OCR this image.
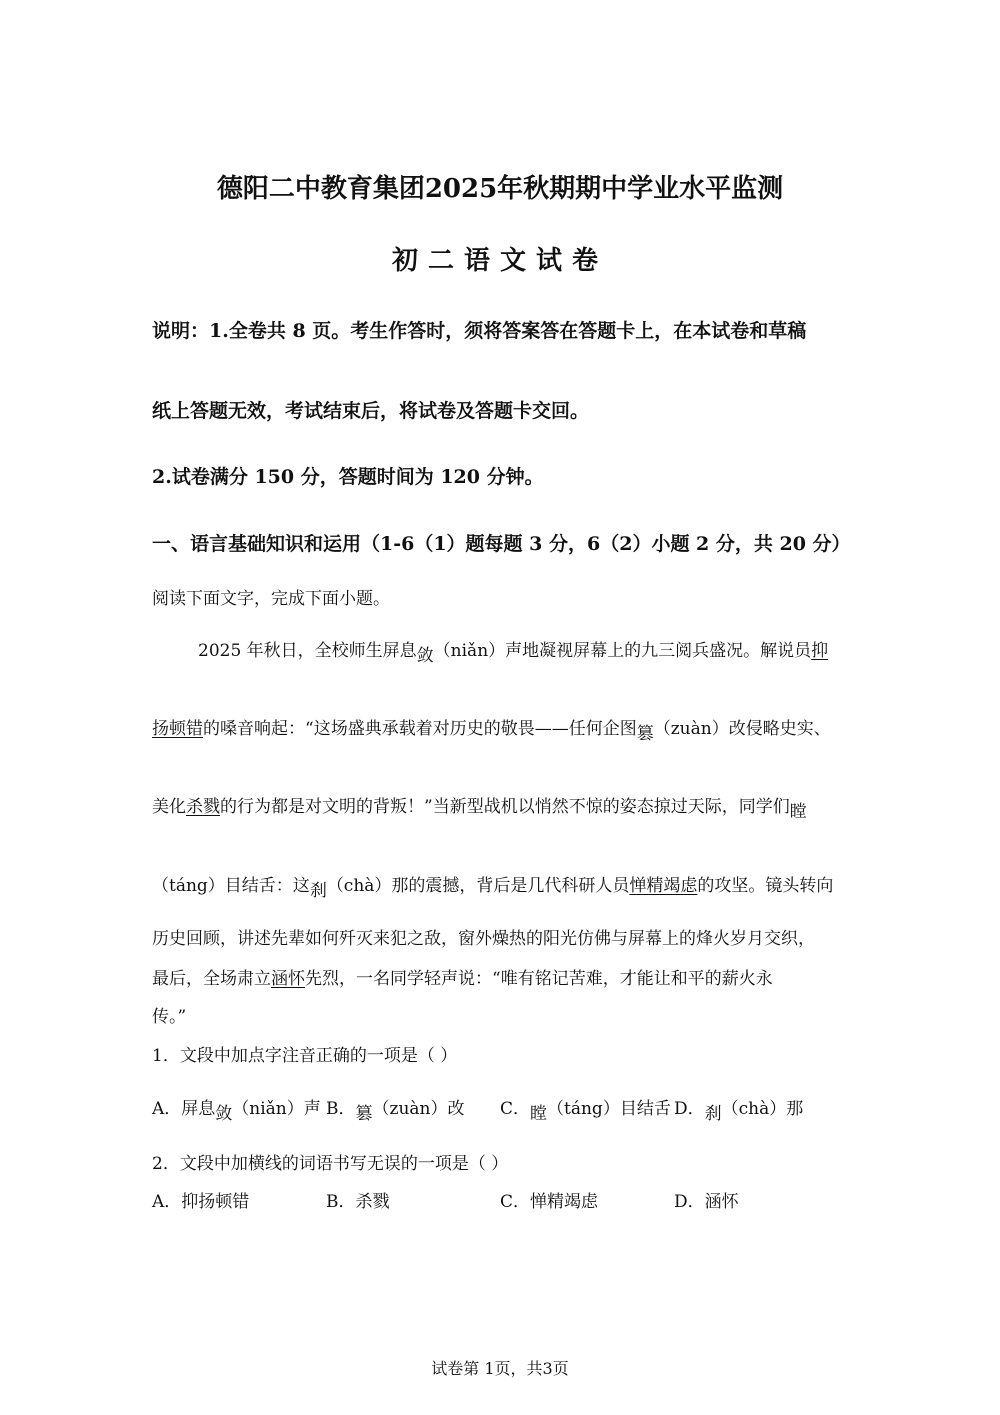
德阳二中教育集团2025年秋期期中学业水平监测
初二语文试卷
说明：1.全卷共 8 页。考生作答时，须将答案答在答题卡上，在本试卷和草稿
纸上答题无效，考试结束后，将试卷及答题卡交回。
2.试卷满分 150 分，答题时间为 120 分钟。
一、语言基础知识和运用（1-6（1）题每题 3 分，6（2）小题 2 分，共 20 分）
阅读下面文字，完成下面小题。
2025 年秋日，全校师生屏息敛（niǎn）声地凝视屏幕上的九三阅兵盛况。解说员抑
扬顿错的嗓音响起：“这场盛典承载着对历史的敬畏——任何企图篡（zuàn）改侵略史实、
美化杀戮的行为都是对文明的背叛！”当新型战机以悄然不惊的姿态掠过天际，同学们瞠
（táng）目结舌：这刹（chà）那的震撼，背后是几代科研人员惮精竭虑的攻坚。镜头转向
历史回顾，讲述先辈如何歼灭来犯之敌，窗外燥热的阳光仿佛与屏幕上的烽火岁月交织，
最后，全场肃立涵怀先烈，一名同学轻声说：“唯有铭记苦难，才能让和平的薪火永
传。”
1．文段中加点字注音正确的一项是（ ）
A．屏息敛（niǎn）声 B．篡（zuàn）改 C．瞠（táng）目结舌 D．刹（chà）那
2．文段中加横线的词语书写无误的一项是（ ）
A．抑扬顿错	B．杀戮	C．惮精竭虑	D．涵怀
试卷第 1页，共3页
